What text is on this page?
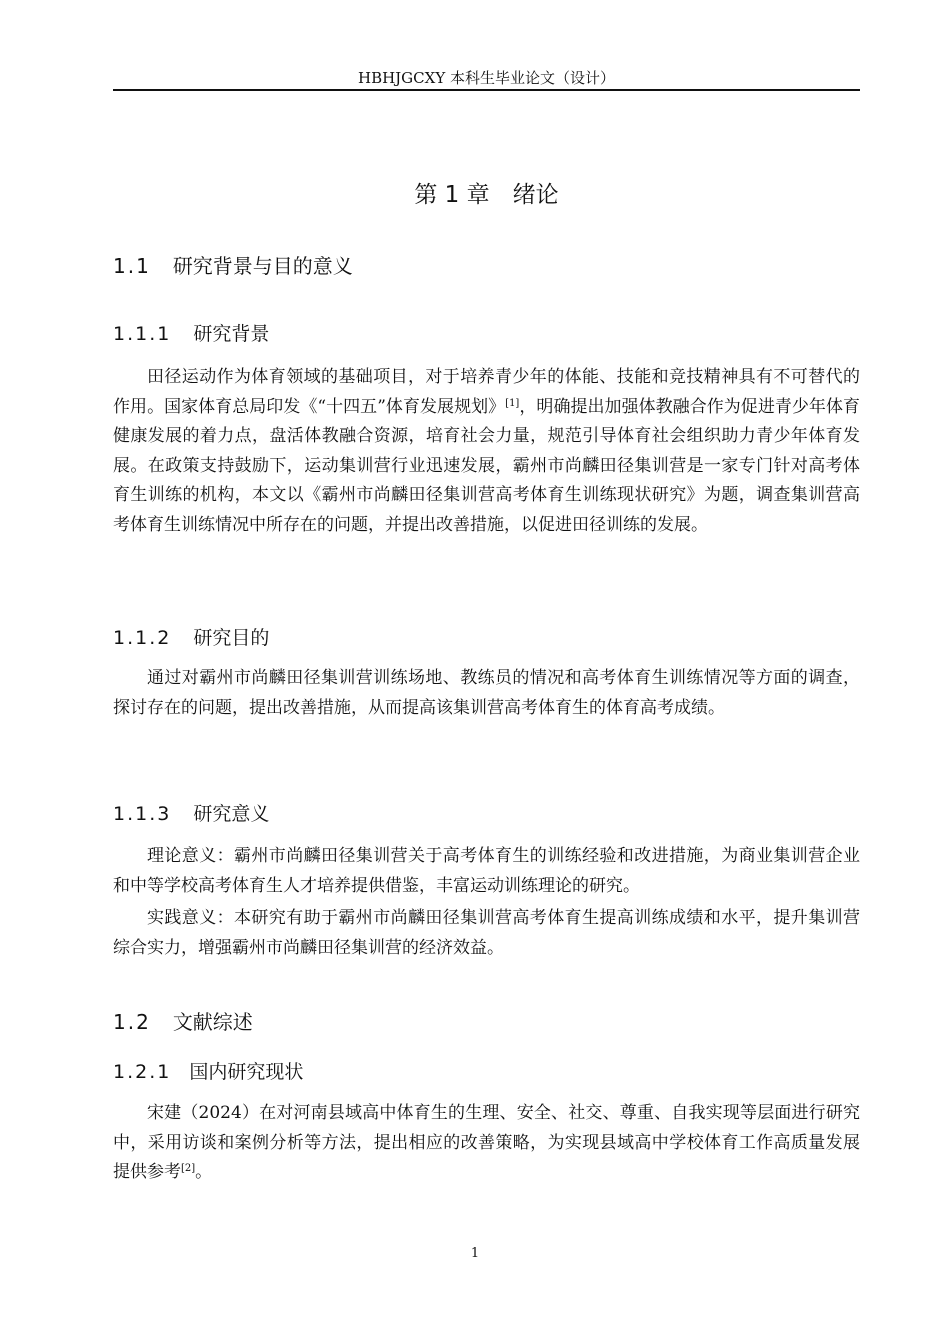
HBHJGCXY 本科生毕业论文（设计）
第 1 章　绪论
1.1 研究背景与目的意义
1.1.1 研究背景

田径运动作为体育领域的基础项目，对于培养青少年的体能、技能和竞技精神具有不可替代的作用。国家体育总局印发《“十四五”体育发展规划》[1]，明确提出加强体教融合作为促进青少年体育健康发展的着力点，盘活体教融合资源，培育社会力量，规范引导体育社会组织助力青少年体育发展。在政策支持鼓励下，运动集训营行业迅速发展，霸州市尚麟田径集训营是一家专门针对高考体育生训练的机构，本文以《霸州市尚麟田径集训营高考体育生训练现状研究》为题，调查集训营高考体育生训练情况中所存在的问题，并提出改善措施，以促进田径训练的发展。

1.1.2 研究目的

通过对霸州市尚麟田径集训营训练场地、教练员的情况和高考体育生训练情况等方面的调查，探讨存在的问题，提出改善措施，从而提高该集训营高考体育生的体育高考成绩。

1.1.3 研究意义

理论意义：霸州市尚麟田径集训营关于高考体育生的训练经验和改进措施，为商业集训营企业和中等学校高考体育生人才培养提供借鉴，丰富运动训练理论的研究。

实践意义：本研究有助于霸州市尚麟田径集训营高考体育生提高训练成绩和水平，提升集训营综合实力，增强霸州市尚麟田径集训营的经济效益。

1.2 文献综述
1.2.1 国内研究现状

宋建（2024）在对河南县域高中体育生的生理、安全、社交、尊重、自我实现等层面进行研究中，采用访谈和案例分析等方法，提出相应的改善策略，为实现县域高中学校体育工作高质量发展提供参考[2]。

1
